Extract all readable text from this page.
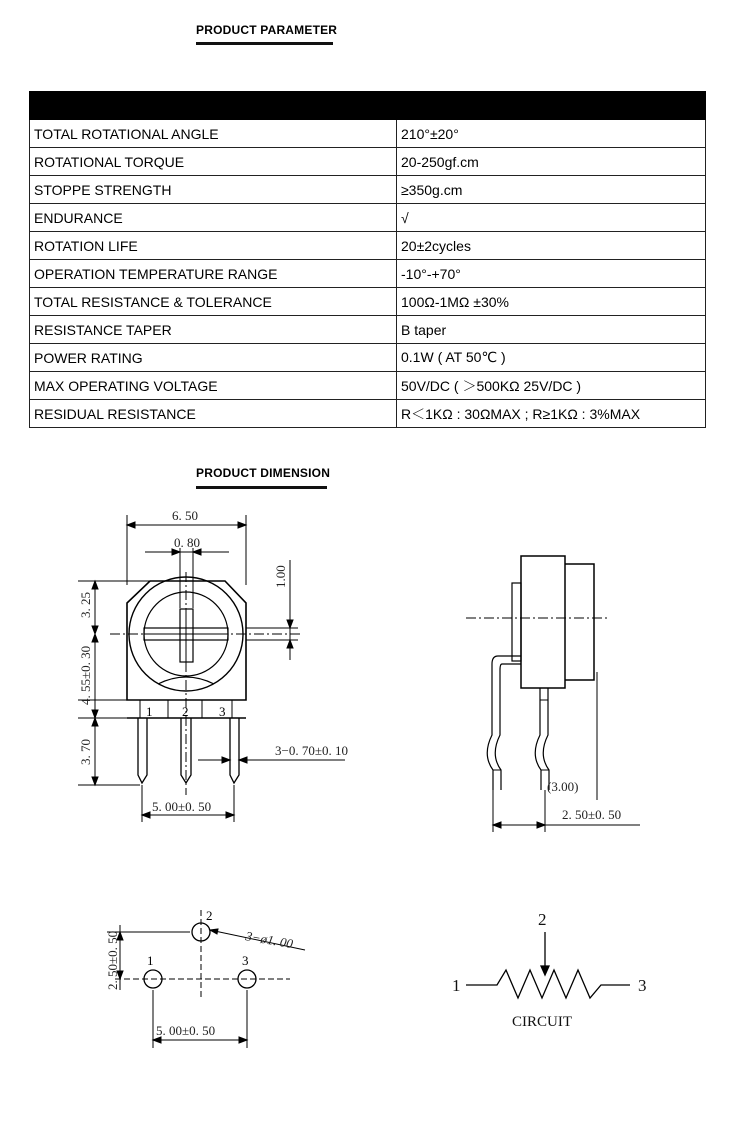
PRODUCT PARAMETER

TOTAL ROTATIONAL ANGLE	210°±20°
ROTATIONAL TORQUE	20-250gf.cm
STOPPE STRENGTH	≥350g.cm
ENDURANCE	√
ROTATION LIFE	20±2cycles
OPERATION TEMPERATURE RANGE	-10°-+70°
TOTAL RESISTANCE & TOLERANCE	100Ω-1MΩ ±30%
RESISTANCE TAPER	B taper
POWER RATING	0.1W ( AT 50℃ )
MAX OPERATING VOLTAGE	50V/DC ( ＞500KΩ 25V/DC )
RESIDUAL RESISTANCE	R＜1KΩ : 30ΩMAX ; R≥1KΩ : 3%MAX
PRODUCT DIMENSION
6. 50
0. 80
1.00
3. 25
4. 55±0. 30
3. 70	3−0. 70±0. 10
5. 00±0. 50
(3.00)
2. 50±0. 50
2. 50±0. 50	3−ø1. 00
5. 00±0. 50
1 2 3
2
1	3
2
1	3
CIRCUIT
